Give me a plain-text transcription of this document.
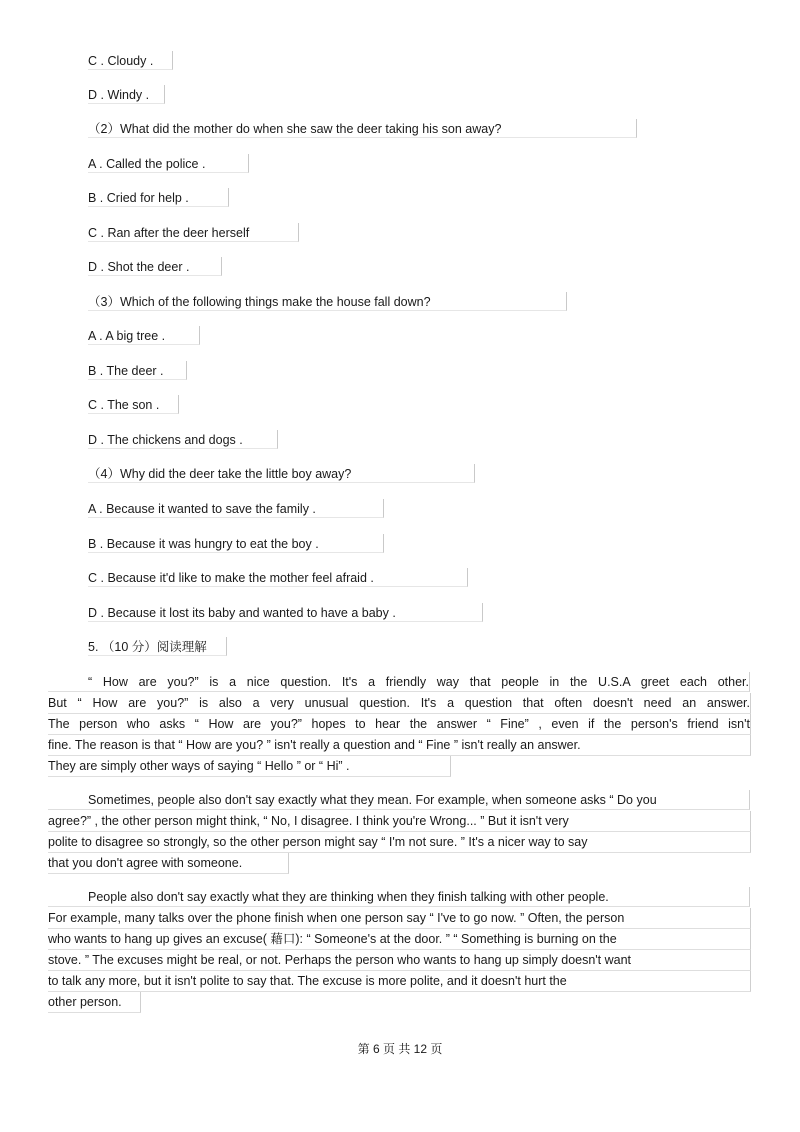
C . Cloudy .
D . Windy .
（2）What did the mother do when she saw the deer taking his son away?
A . Called the police .
B . Cried for help .
C . Ran after the deer herself
D . Shot the deer .
（3）Which of the following things make the house fall down?
A . A big tree .
B . The deer .
C . The son .
D . The chickens and dogs .
（4）Why did the deer take the little boy away?
A . Because it wanted to save the family .
B . Because it was hungry to eat the boy .
C . Because it'd like to make the mother feel afraid .
D . Because it lost its baby and wanted to have a baby .
5. （10 分）阅读理解
“ How are you?” is a nice question. It's a friendly way that people in the U.S.A greet each other.
But “ How are you?” is also a very unusual question. It's a question that often doesn't need an answer.
The person who asks “ How are you?” hopes to hear the answer “ Fine” , even if the person's friend isn't
fine. The reason is that “ How are you? ” isn't really a question and “ Fine ” isn't really an answer.
They are simply other ways of saying “ Hello ” or “ Hi” .
Sometimes, people also don't say exactly what they mean. For example, when someone asks “ Do you
agree?” , the other person might think, “ No, I disagree. I think you're Wrong... ” But it isn't very
polite to disagree so strongly, so the other person might say “ I'm not sure. ” It's a nicer way to say
that you don't agree with someone.
People also don't say exactly what they are thinking when they finish talking with other people.
For example, many talks over the phone finish when one person say “ I've to go now. ” Often, the person
who wants to hang up gives an excuse( 藉口): “ Someone's at the door. ” “ Something is burning on the
stove. ” The excuses might be real, or not. Perhaps the person who wants to hang up simply doesn't want
to talk any more, but it isn't polite to say that. The excuse is more polite, and it doesn't hurt the
other person.
第 6 页 共 12 页
